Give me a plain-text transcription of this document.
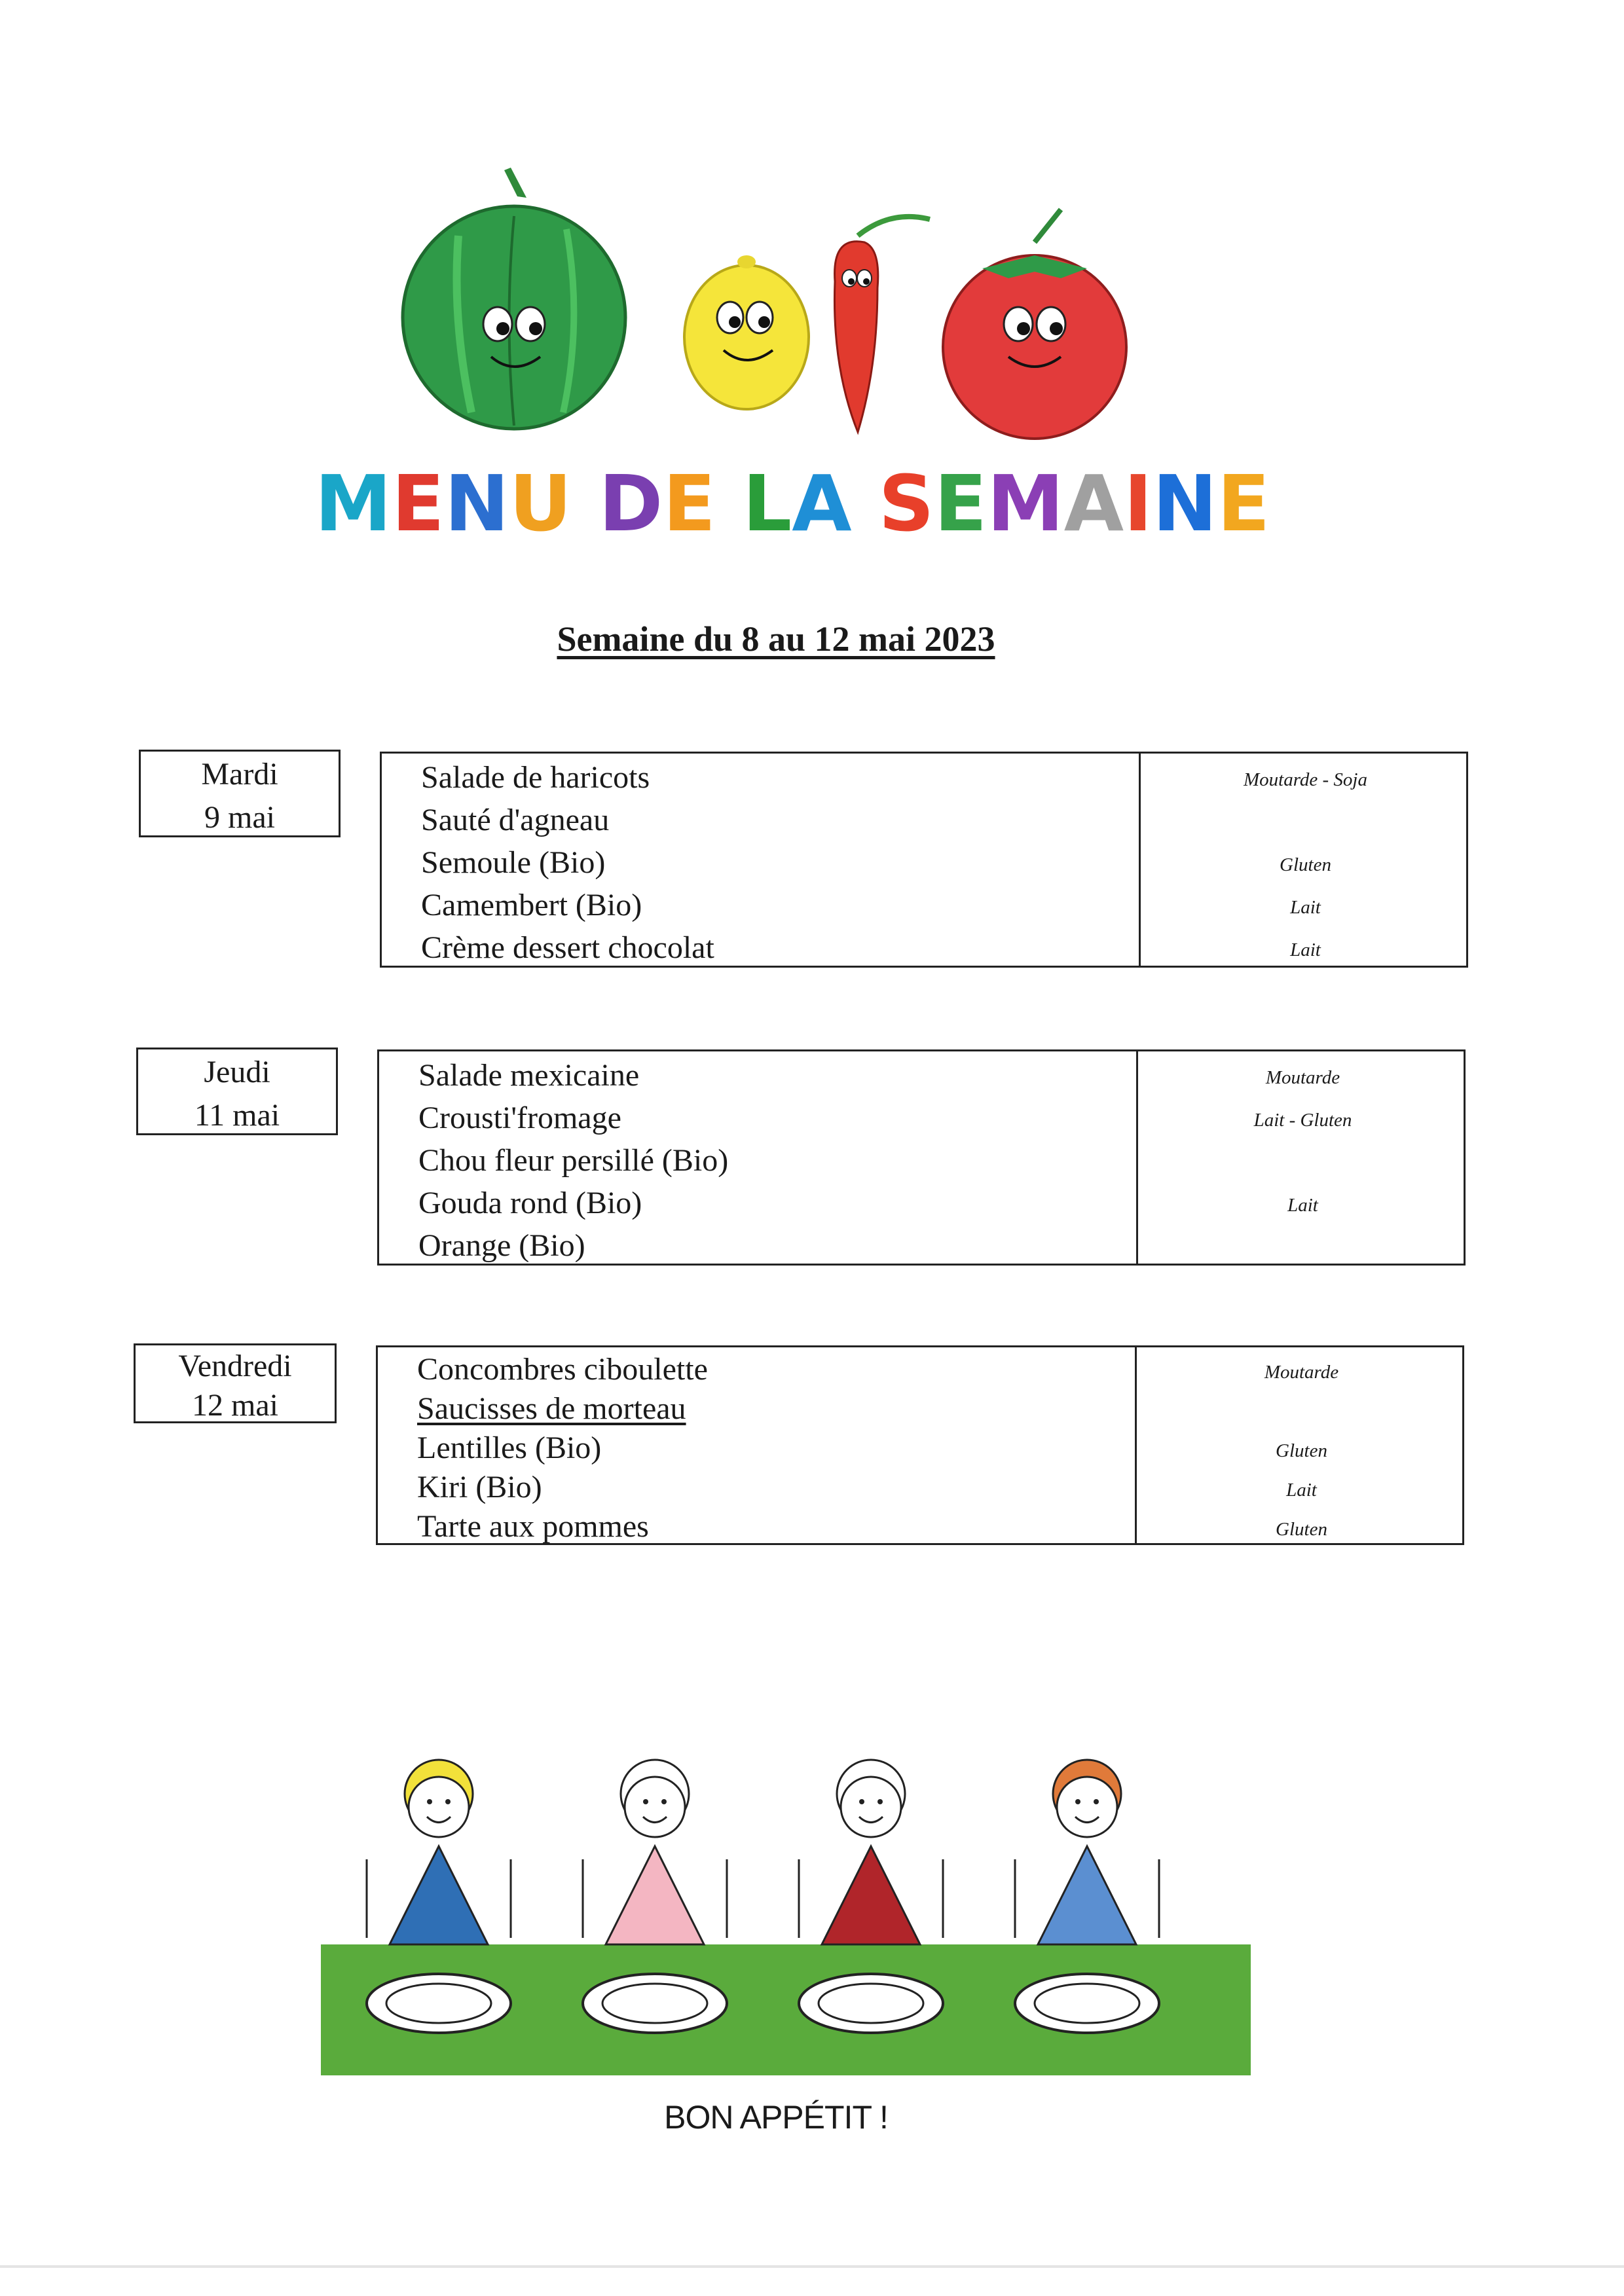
MENU DE LA SEMAINE
Semaine du 8 au 12 mai 2023
Mardi
9 mai
Salade de haricots
Sauté d'agneau
Semoule (Bio)
Camembert (Bio)
Crème dessert chocolat
Moutarde - Soja
Gluten
Lait
Lait
Jeudi
11 mai
Salade mexicaine
Crousti'fromage
Chou fleur persillé (Bio)
Gouda rond (Bio)
Orange (Bio)
Moutarde
Lait - Gluten
Lait
Vendredi
12 mai
Concombres ciboulette
Saucisses de morteau
Lentilles (Bio)
Kiri (Bio)
Tarte aux pommes
Moutarde
Gluten
Lait
Gluten
BON APPÉTIT !
